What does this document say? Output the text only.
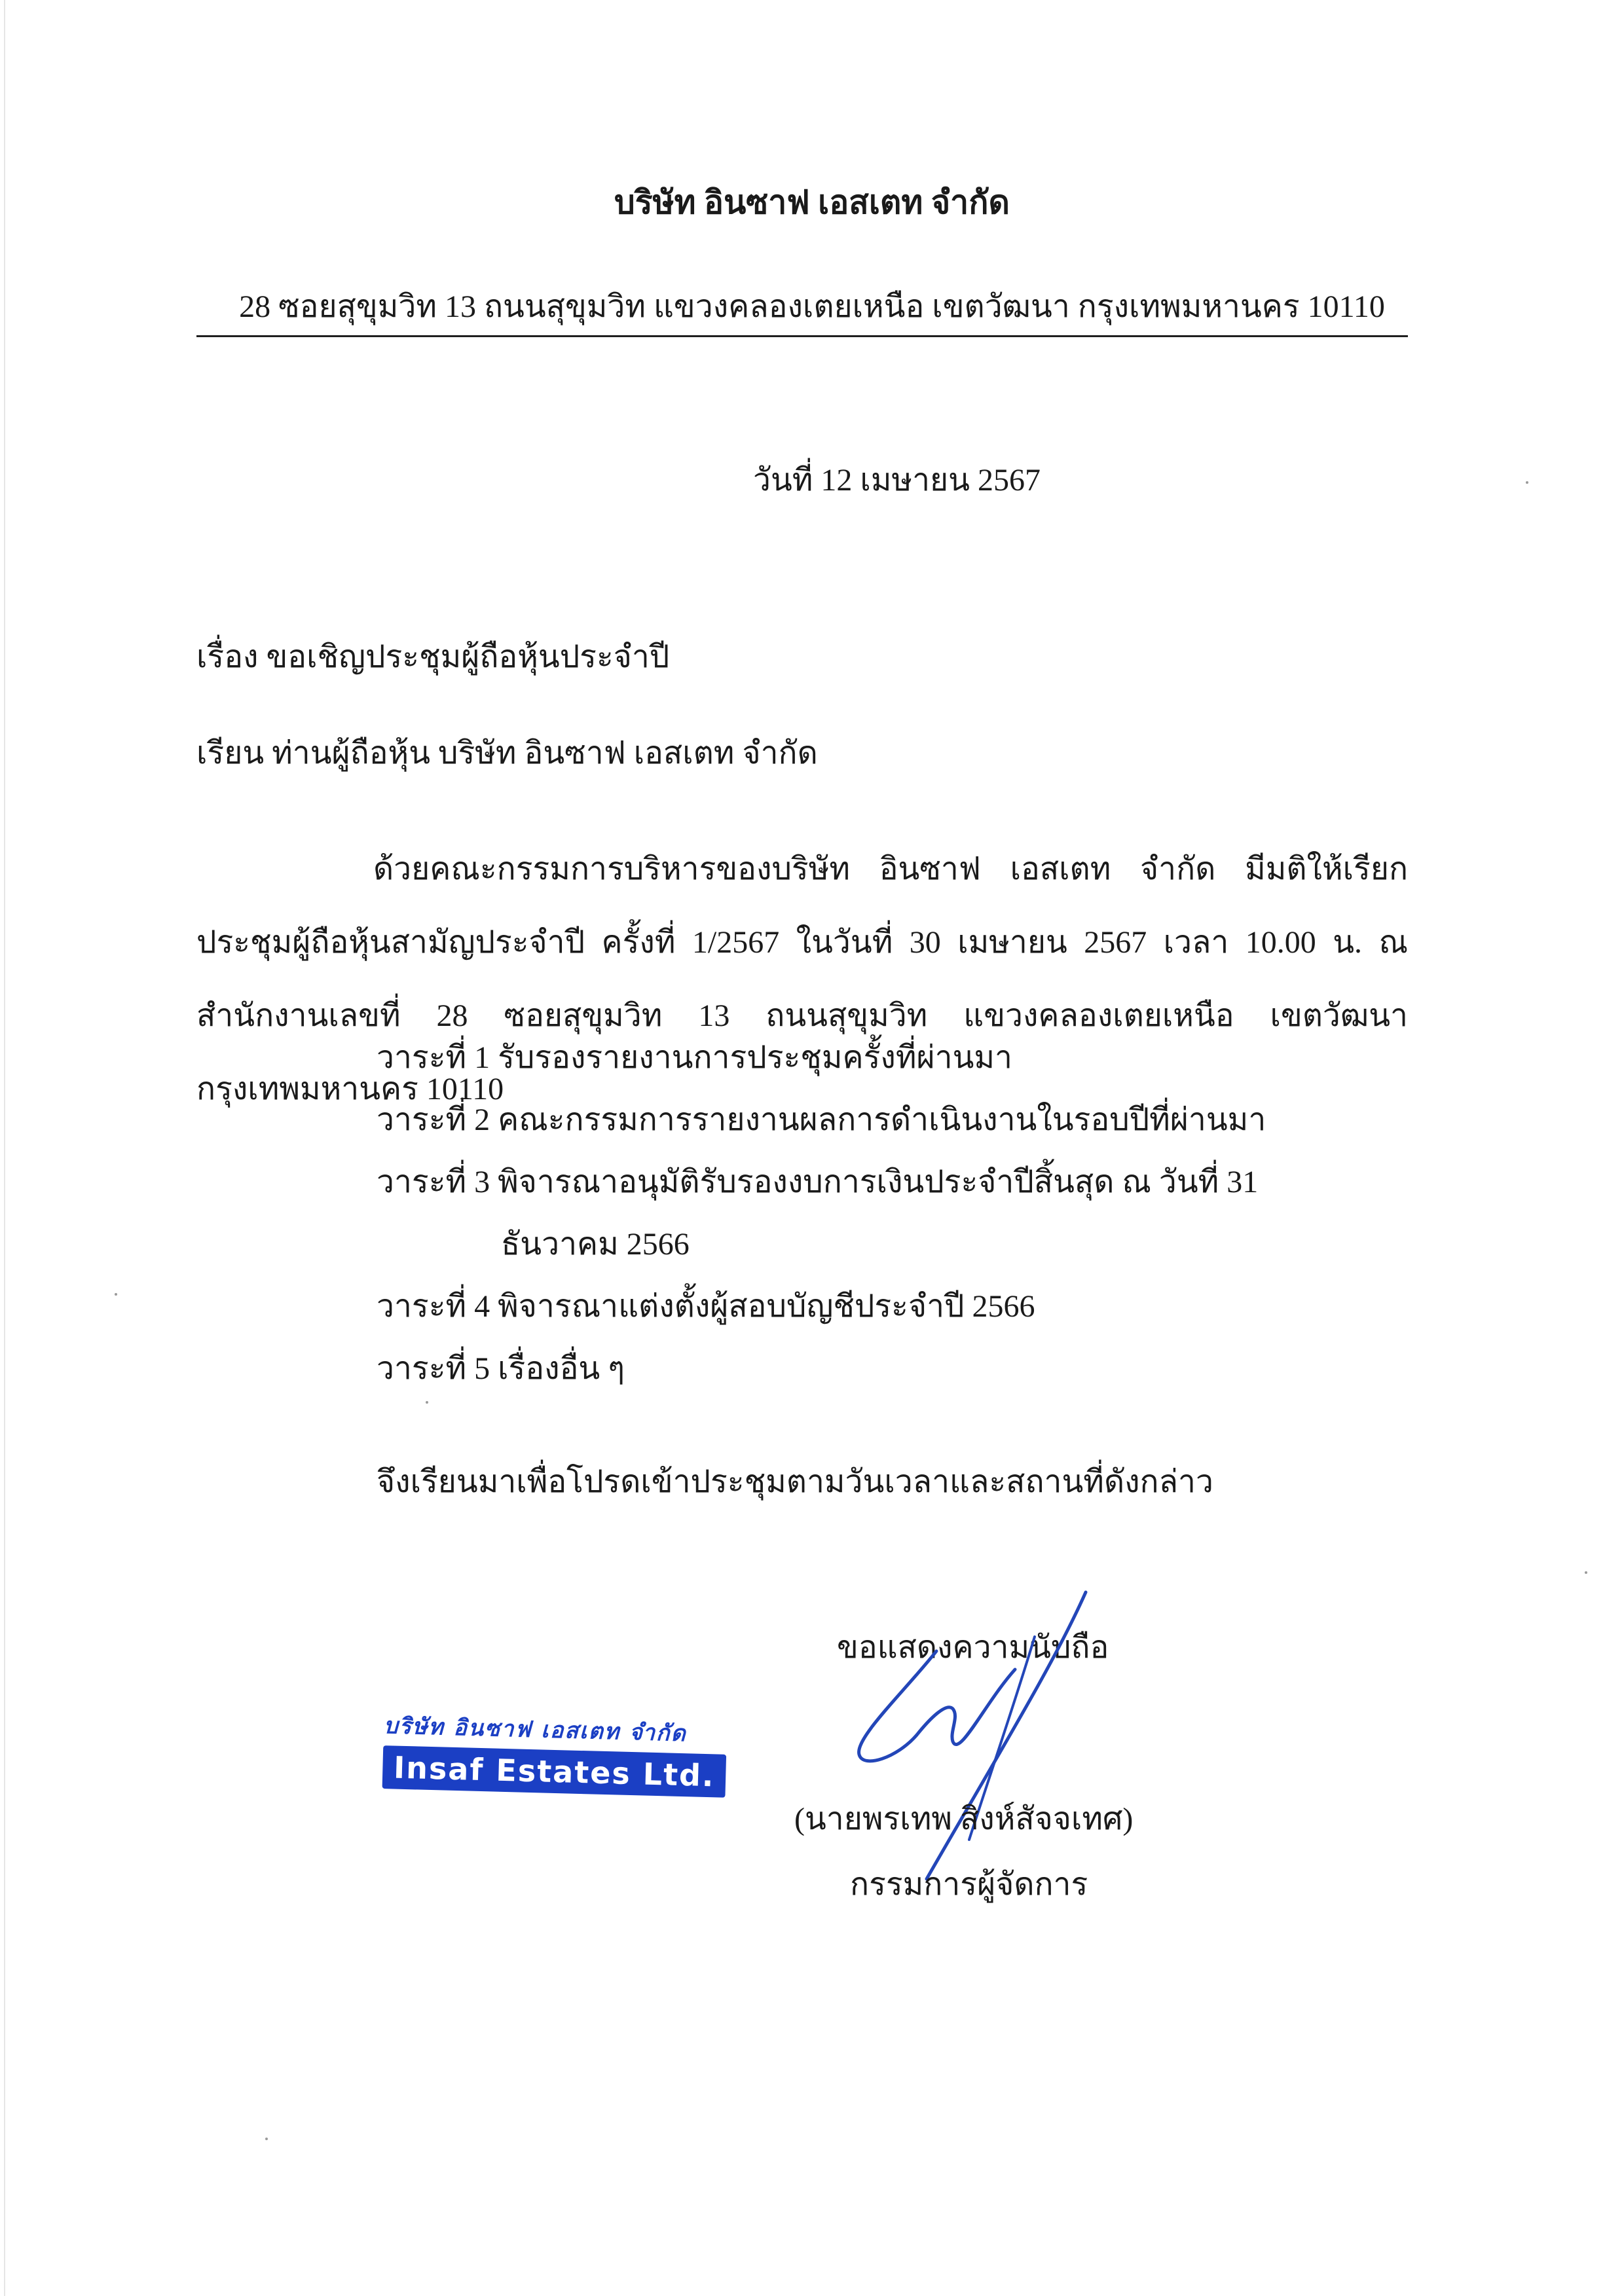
บริษัท อินซาฟ เอสเตท จำกัด
28 ซอยสุขุมวิท 13 ถนนสุขุมวิท แขวงคลองเตยเหนือ เขตวัฒนา กรุงเทพมหานคร 10110
วันที่ 12 เมษายน 2567
เรื่อง ขอเชิญประชุมผู้ถือหุ้นประจำปี
เรียน ท่านผู้ถือหุ้น บริษัท อินซาฟ เอสเตท จำกัด

ด้วยคณะกรรมการบริหารของบริษัท อินซาฟ เอสเตท จำกัด มีมติให้เรียกประชุมผู้ถือหุ้นสามัญประจำปี ครั้งที่ 1/2567 ในวันที่ 30 เมษายน 2567 เวลา 10.00 น. ณ สำนักงานเลขที่ 28 ซอยสุขุมวิท 13 ถนนสุขุมวิท แขวงคลองเตยเหนือ เขตวัฒนา กรุงเทพมหานคร 10110

วาระที่ 1 รับรองรายงานการประชุมครั้งที่ผ่านมา
วาระที่ 2 คณะกรรมการรายงานผลการดำเนินงานในรอบปีที่ผ่านมา
วาระที่ 3 พิจารณาอนุมัติรับรองงบการเงินประจำปีสิ้นสุด ณ วันที่ 31
ธันวาคม 2566
วาระที่ 4 พิจารณาแต่งตั้งผู้สอบบัญชีประจำปี 2566
วาระที่ 5 เรื่องอื่น ๆ
จึงเรียนมาเพื่อโปรดเข้าประชุมตามวันเวลาและสถานที่ดังกล่าว
ขอแสดงความนับถือ
บริษัท อินซาฟ เอสเตท จำกัด
Insaf Estates Ltd.
(นายพรเทพ สิงห์สัจจเทศ)
กรรมการผู้จัดการ
